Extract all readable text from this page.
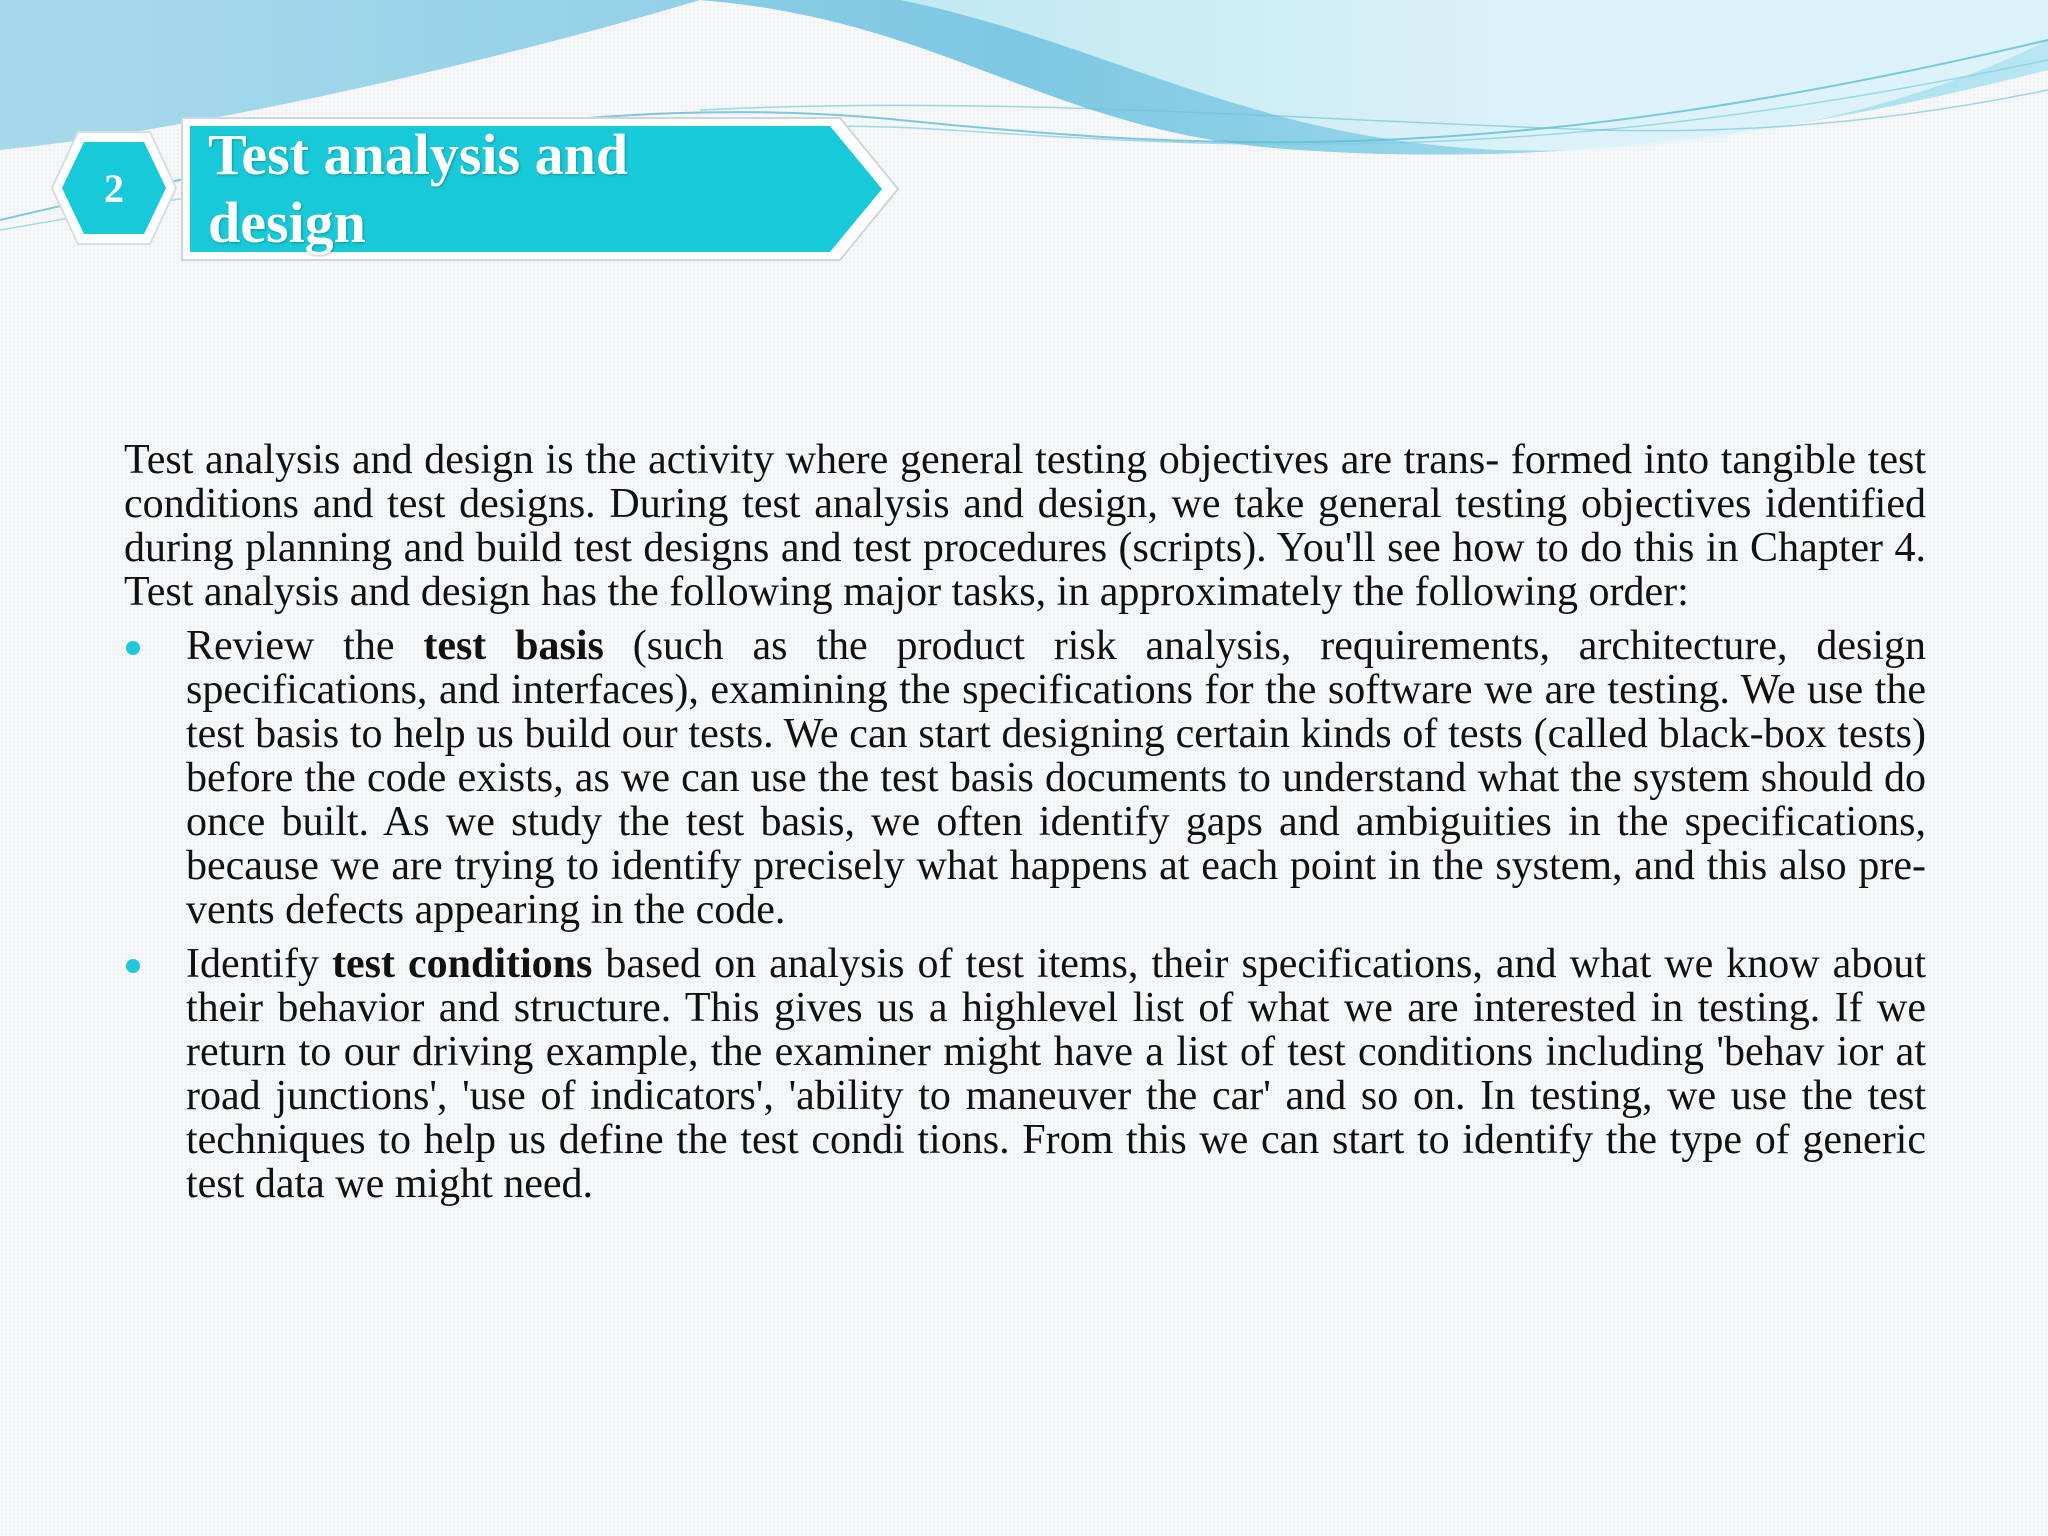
2
Test analysis and design

Test analysis and design is the activity where general testing objectives are trans- formed into tangible test conditions and test designs. During test analysis and design, we take general testing objectives identified during planning and build test designs and test procedures (scripts). You'll see how to do this in Chapter 4. Test analysis and design has the following major tasks, in approximately the following order:

Review the test basis (such as the product risk analysis, requirements, architecture, design specifications, and interfaces), examining the specifications for the software we are testing. We use the test basis to help us build our tests. We can start designing certain kinds of tests (called black-box tests) before the code exists, as we can use the test basis documents to understand what the system should do once built. As we study the test basis, we often identify gaps and ambiguities in the specifications, because we are trying to identify precisely what happens at each point in the system, and this also pre- vents defects appearing in the code.
Identify test conditions based on analysis of test items, their specifications, and what we know about their behavior and structure. This gives us a highlevel list of what we are interested in testing. If we return to our driving example, the examiner might have a list of test conditions including 'behav ior at road junctions', 'use of indicators', 'ability to maneuver the car' and so on. In testing, we use the test techniques to help us define the test condi tions. From this we can start to identify the type of generic test data we might need.
